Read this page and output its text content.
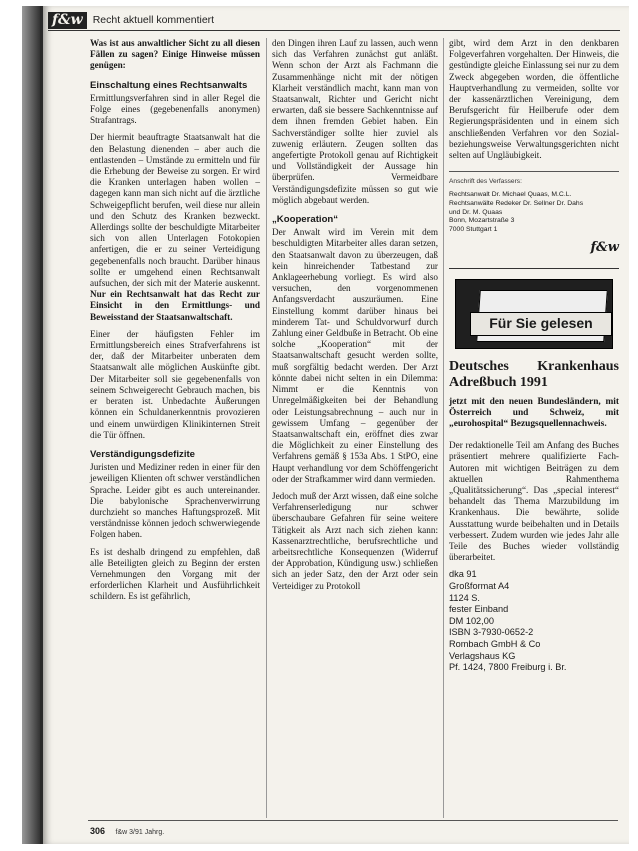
f&w Recht aktuell kommentiert

Was ist aus anwaltlicher Sicht zu all diesen Fällen zu sagen? Einige Hinweise müssen genügen:

Einschaltung eines Rechtsanwalts

Ermittlungsverfahren sind in aller Regel die Folge eines (gegebenenfalls anonymen) Strafantrags.

Der hiermit beauftragte Staatsanwalt hat die den Belastung dienenden – aber auch die entlastenden – Umstände zu ermitteln und für die Erhebung der Beweise zu sorgen. Er wird die Kranken unterlagen haben wollen – dagegen kann man sich nicht auf die ärztliche Schweigepflicht berufen, weil diese nur allein und den Schutz des Kranken bezweckt. Allerdings sollte der beschuldigte Mitarbeiter sich von allen Unterlagen Fotokopien anfertigen, die er zu seiner Verteidigung gegebenenfalls noch braucht. Darüber hinaus sollte er umgehend einen Rechtsanwalt aufsuchen, der sich mit der Materie auskennt. Nur ein Rechtsanwalt hat das Recht zur Einsicht in den Ermittlungs- und Beweisstand der Staatsanwaltschaft.

Einer der häufigsten Fehler im Ermittlungsbereich eines Strafverfahrens ist der, daß der Mitarbeiter unberaten dem Staatsanwalt alle möglichen Auskünfte gibt. Der Mitarbeiter soll sie gegebenenfalls von seinem Schweigerecht Gebrauch machen, bis er beraten ist. Unbedachte Äußerungen können ein Schuldanerkenntnis provozieren und einem unwürdigen Klinikinternen Streit die Tür öffnen.

Verständigungsdefizite

Juristen und Mediziner reden in einer für den jeweiligen Klienten oft schwer verständlichen Sprache. Leider gibt es auch untereinander. Die babylonische Sprachenverwirrung durchzieht so manches Haftungsprozeß. Mit verständnisse können jedoch schwerwiegende Folgen haben.

Es ist deshalb dringend zu empfehlen, daß alle Beteiligten gleich zu Beginn der ersten Vernehmungen den Vorgang mit der erforderlichen Klarheit und Ausführlichkeit schildern. Es ist gefährlich,

den Dingen ihren Lauf zu lassen, auch wenn sich das Verfahren zunächst gut anläßt. Wenn schon der Arzt als Fachmann die Zusammenhänge nicht mit der nötigen Klarheit verständlich macht, kann man von Staatsanwalt, Richter und Gericht nicht erwarten, daß sie bessere Sachkenntnisse auf dem ihnen fremden Gebiet haben. Ein Sachverständiger sollte hier zuviel als zuwenig erläutern. Zeugen sollten das angefertigte Protokoll genau auf Richtigkeit und Vollständigkeit der Aussage hin überprüfen. Vermeidbare Verständigungsdefizite müssen so gut wie möglich abgebaut werden.

„Kooperation“

Der Anwalt wird im Verein mit dem beschuldigten Mitarbeiter alles daran setzen, den Staatsanwalt davon zu überzeugen, daß kein hinreichender Tatbestand zur Anklageerhebung vorliegt. Es wird also versuchen, den vorgenommenen Anfangsverdacht auszuräumen. Eine Einstellung kommt darüber hinaus bei minderem Tat- und Schuldvorwurf durch Zahlung einer Geldbuße in Betracht. Ob eine solche „Kooperation“ mit der Staatsanwaltschaft gesucht werden sollte, muß sorgfältig bedacht werden. Der Arzt könnte dabei nicht selten in ein Dilemma: Nimmt er die Kenntnis von Unregelmäßigkeiten bei der Behandlung oder Leistungsabrechnung – auch nur in gewissem Umfang – gegenüber der Staatsanwaltschaft ein, eröffnet dies zwar die Möglichkeit zu einer Einstellung des Verfahrens gemäß § 153a Abs. 1 StPO, eine Haupt verhandlung vor dem Schöffengericht oder der Strafkammer wird dann vermieden.

Jedoch muß der Arzt wissen, daß eine solche Verfahrenserledigung nur schwer überschaubare Gefahren für seine weitere Tätigkeit als Arzt nach sich ziehen kann: Kassenarztrechtliche, berufsrechtliche und arbeitsrechtliche Konsequenzen (Widerruf der Approbation, Kündigung usw.) schließen sich an jeder Satz, den der Arzt oder sein Verteidiger zu Protokoll

gibt, wird dem Arzt in den denkbaren Folgeverfahren vorgehalten. Der Hinweis, die gestündigte gleiche Einlassung sei nur zu dem Zweck abgegeben worden, die öffentliche Hauptverhandlung zu vermeiden, sollte vor der kassenärztlichen Vereinigung, dem Berufsgericht für Heilberufe oder dem Regierungspräsidenten und in einem sich anschließenden Verfahren vor den Sozial- beziehungsweise Verwaltungsgerichten nicht selten auf Ungläubigkeit.

Anschrift des Verfassers:
Rechtsanwalt Dr. Michael Quaas, M.C.L.
Rechtsanwälte Redeker Dr. Sellner Dr. Dahs
und Dr. M. Quaas
Bonn, Mozartstraße 3
7000 Stuttgart 1
f&w
Für Sie gelesen
Deutsches Krankenhaus Adreßbuch 1991
jetzt mit den neuen Bundesländern, mit Österreich und Schweiz, mit „eurohospital“ Bezugsquellennachweis.

Der redaktionelle Teil am Anfang des Buches präsentiert mehrere qualifizierte Fach-Autoren mit wichtigen Beiträgen zu dem aktuellen Rahmenthema „Qualitätssicherung“. Das „special interest“ behandelt das Thema Marzubildung im Krankenhaus. Die bewährte, solide Ausstattung wurde beibehalten und in Details verbessert. Zudem wurden wie jedes Jahr alle Teile des Buches wieder vollständig überarbeitet.

dka 91

Großformat A4

1124 S.

fester Einband

DM 102,00

ISBN 3-7930-0652-2

Rombach GmbH & Co

Verlagshaus KG

Pf. 1424, 7800 Freiburg i. Br.

306 f&w 3/91 Jahrg.
